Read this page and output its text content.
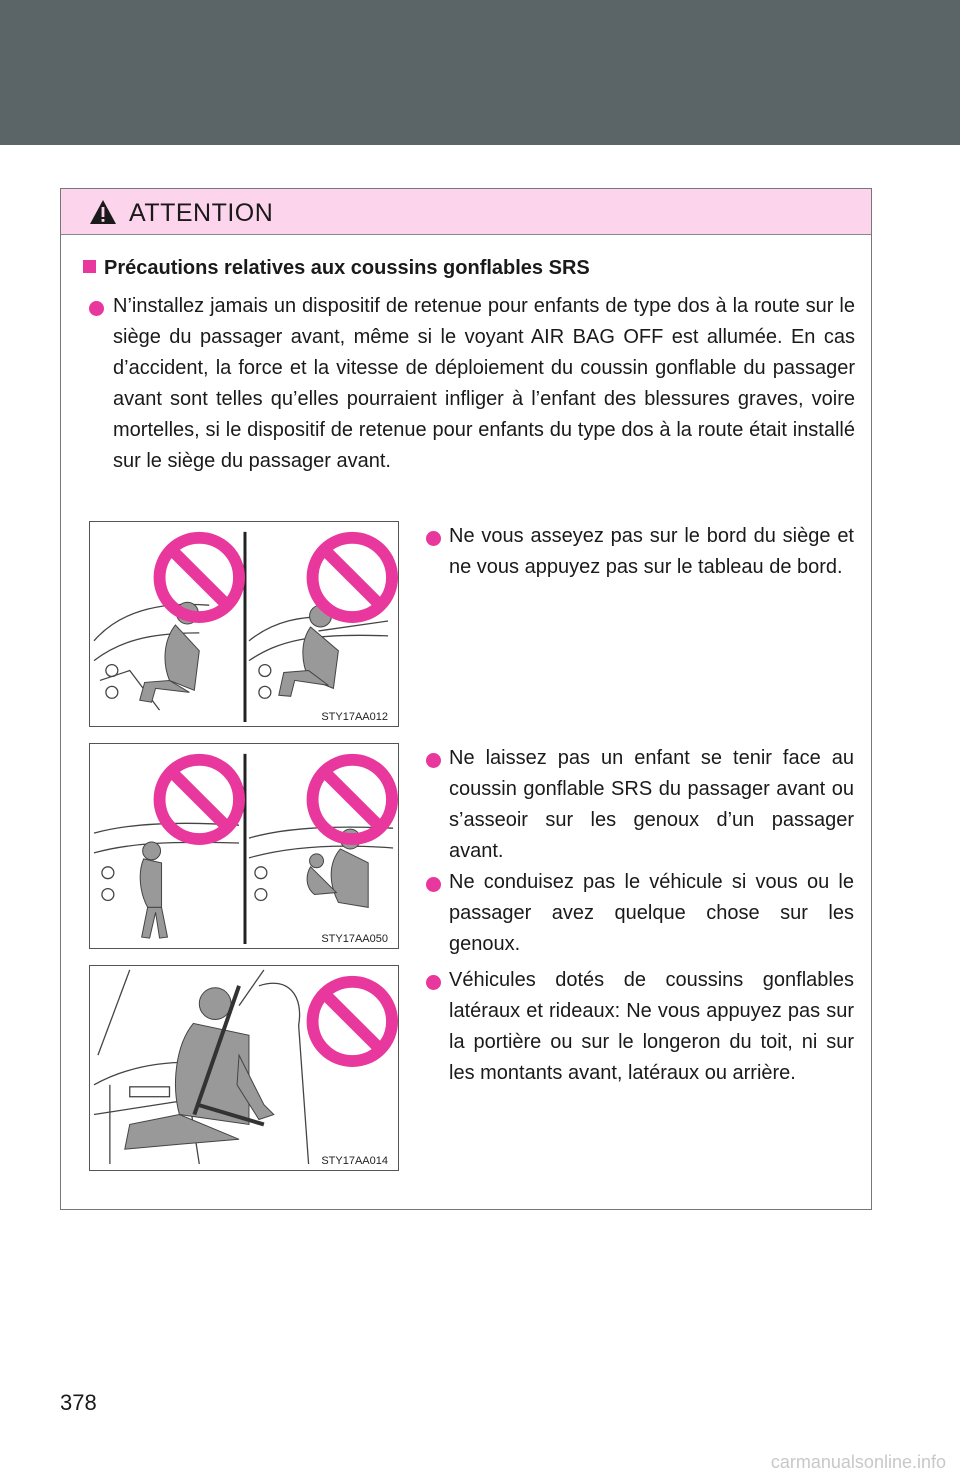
ATTENTION
Précautions relatives aux coussins gonflables SRS

N’installez jamais un dispositif de retenue pour enfants de type dos à la route sur le siège du passager avant, même si le voyant AIR BAG OFF est allumée. En cas d’accident, la force et la vitesse de déploiement du coussin gonflable du passager avant sont telles qu’elles pourraient infliger à l’enfant des blessures graves, voire mortelles, si le dispositif de retenue pour enfants du type dos à la route était installé sur le siège du passager avant.

STY17AA012
STY17AA050
STY17AA014

Ne vous asseyez pas sur le bord du siège et ne vous appuyez pas sur le tableau de bord.

Ne laissez pas un enfant se tenir face au coussin gonflable SRS du passager avant ou s’asseoir sur les genoux d’un passager avant.

Ne conduisez pas le véhicule si vous ou le passager avez quelque chose sur les genoux.

Véhicules dotés de coussins gonflables latéraux et rideaux: Ne vous appuyez pas sur la portière ou sur le longeron du toit, ni sur les montants avant, latéraux ou arrière.

378
carmanualsonline.info
